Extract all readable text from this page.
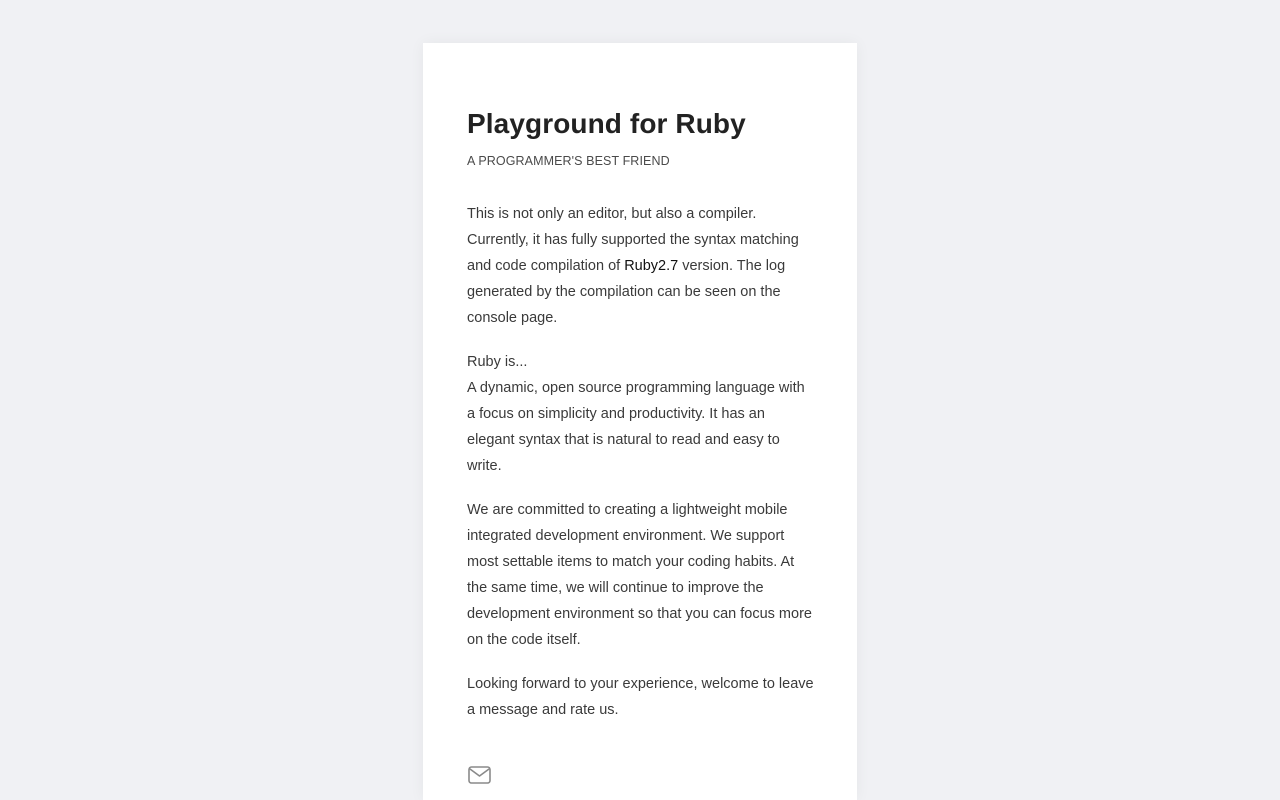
Playground for Ruby
A PROGRAMMER'S BEST FRIEND

This is not only an editor, but also a compiler. Currently, it has fully supported the syntax matching and code compilation of Ruby2.7 version. The log generated by the compilation can be seen on the console page.

Ruby is...
A dynamic, open source programming language with a focus on simplicity and productivity. It has an elegant syntax that is natural to read and easy to write.

We are committed to creating a lightweight mobile integrated development environment. We support most settable items to match your coding habits. At the same time, we will continue to improve the development environment so that you can focus more on the code itself.

Looking forward to your experience, welcome to leave a message and rate us.
